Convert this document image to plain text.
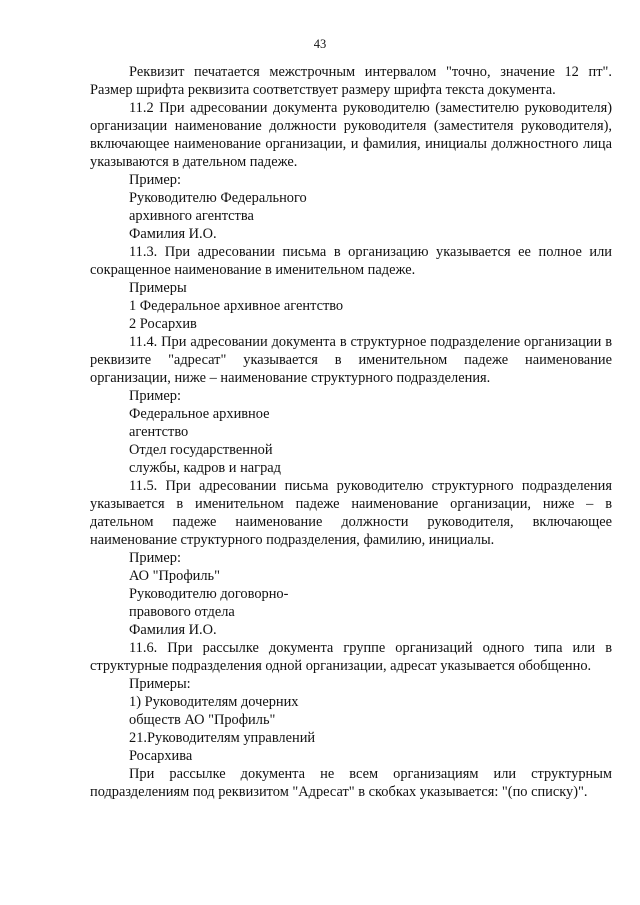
43

Реквизит печатается межстрочным интервалом "точно, значение 12 пт".

Размер шрифта реквизита соответствует размеру шрифта текста документа.

11.2 При адресовании документа руководителю (заместителю руководителя) организации наименование должности руководителя (заместителя руководителя), включающее наименование организации, и фамилия, инициалы должностного лица указываются в дательном падеже.

Пример:

Руководителю Федерального

архивного агентства

Фамилия И.О.

11.3. При адресовании письма в организацию указывается ее полное или сокращенное наименование в именительном падеже.

Примеры

1 Федеральное архивное агентство

2 Росархив

11.4. При адресовании документа в структурное подразделение организации в реквизите "адресат" указывается в именительном падеже наименование организации, ниже – наименование структурного подразделения.

Пример:

Федеральное архивное

агентство

Отдел государственной

службы, кадров и наград

11.5. При адресовании письма руководителю структурного подразделения указывается в именительном падеже наименование организации, ниже – в дательном падеже наименование должности руководителя, включающее наименование структурного подразделения, фамилию, инициалы.

Пример:

АО "Профиль"

Руководителю договорно-

правового отдела

Фамилия И.О.

11.6. При рассылке документа группе организаций одного типа или в структурные подразделения одной организации, адресат указывается обобщенно.

Примеры:

1) Руководителям дочерних

обществ АО "Профиль"

21.Руководителям управлений

Росархива

При рассылке документа не всем организациям или структурным подразделениям под реквизитом "Адресат" в скобках указывается: "(по списку)".
